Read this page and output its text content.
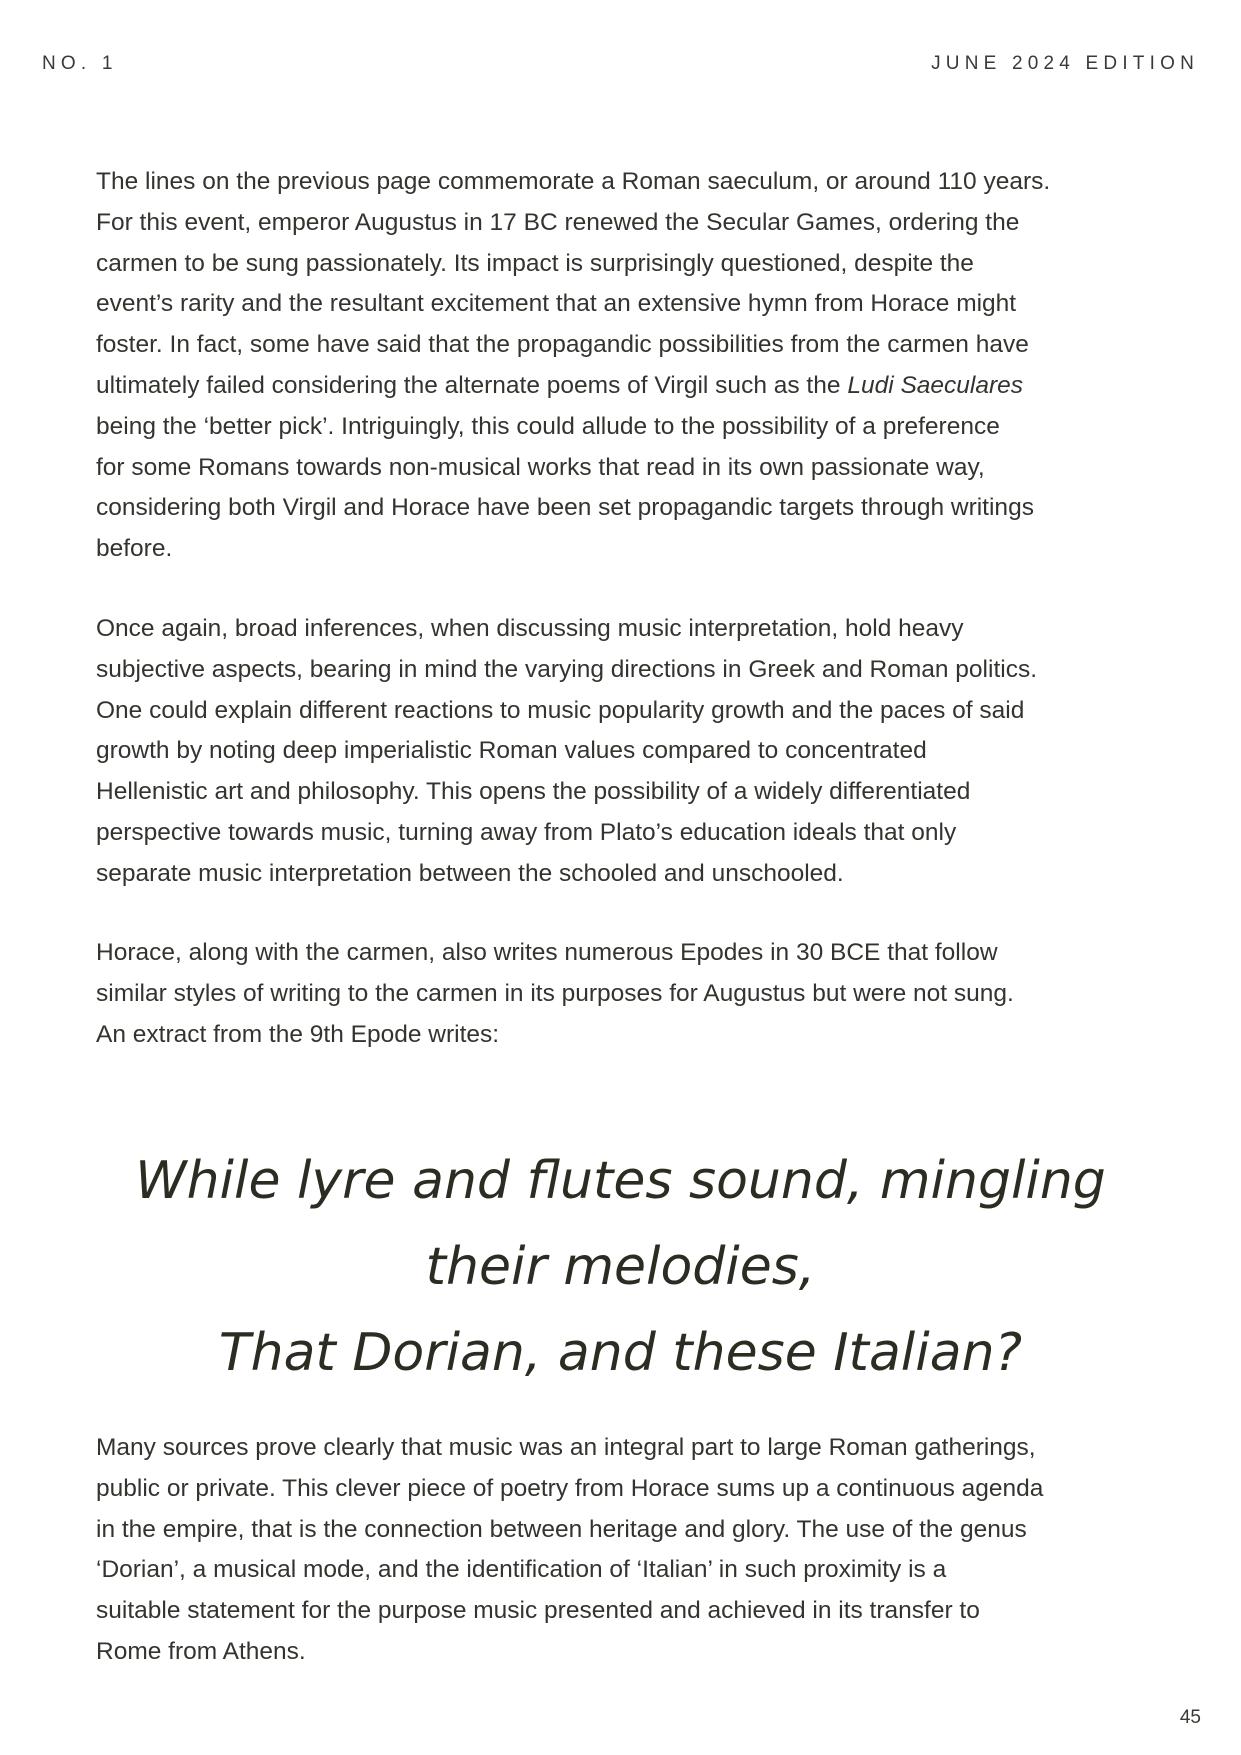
NO. 1	JUNE 2024 EDITION
The lines on the previous page commemorate a Roman saeculum, or around 110 years.
For this event, emperor Augustus in 17 BC renewed the Secular Games, ordering the
carmen to be sung passionately. Its impact is surprisingly questioned, despite the
event’s rarity and the resultant excitement that an extensive hymn from Horace might
foster. In fact, some have said that the propagandic possibilities from the carmen have
ultimately failed considering the alternate poems of Virgil such as the Ludi Saeculares
being the ‘better pick’. Intriguingly, this could allude to the possibility of a preference
for some Romans towards non-musical works that read in its own passionate way,
considering both Virgil and Horace have been set propagandic targets through writings
before.
Once again, broad inferences, when discussing music interpretation, hold heavy
subjective aspects, bearing in mind the varying directions in Greek and Roman politics.
One could explain different reactions to music popularity growth and the paces of said
growth by noting deep imperialistic Roman values compared to concentrated
Hellenistic art and philosophy. This opens the possibility of a widely differentiated
perspective towards music, turning away from Plato’s education ideals that only
separate music interpretation between the schooled and unschooled.
Horace, along with the carmen, also writes numerous Epodes in 30 BCE that follow
similar styles of writing to the carmen in its purposes for Augustus but were not sung.
An extract from the 9th Epode writes:
While lyre and flutes sound, mingling
their melodies,
That Dorian, and these Italian?
Many sources prove clearly that music was an integral part to large Roman gatherings,
public or private. This clever piece of poetry from Horace sums up a continuous agenda
in the empire, that is the connection between heritage and glory. The use of the genus
‘Dorian’, a musical mode, and the identification of ‘Italian’ in such proximity is a
suitable statement for the purpose music presented and achieved in its transfer to
Rome from Athens.
45
